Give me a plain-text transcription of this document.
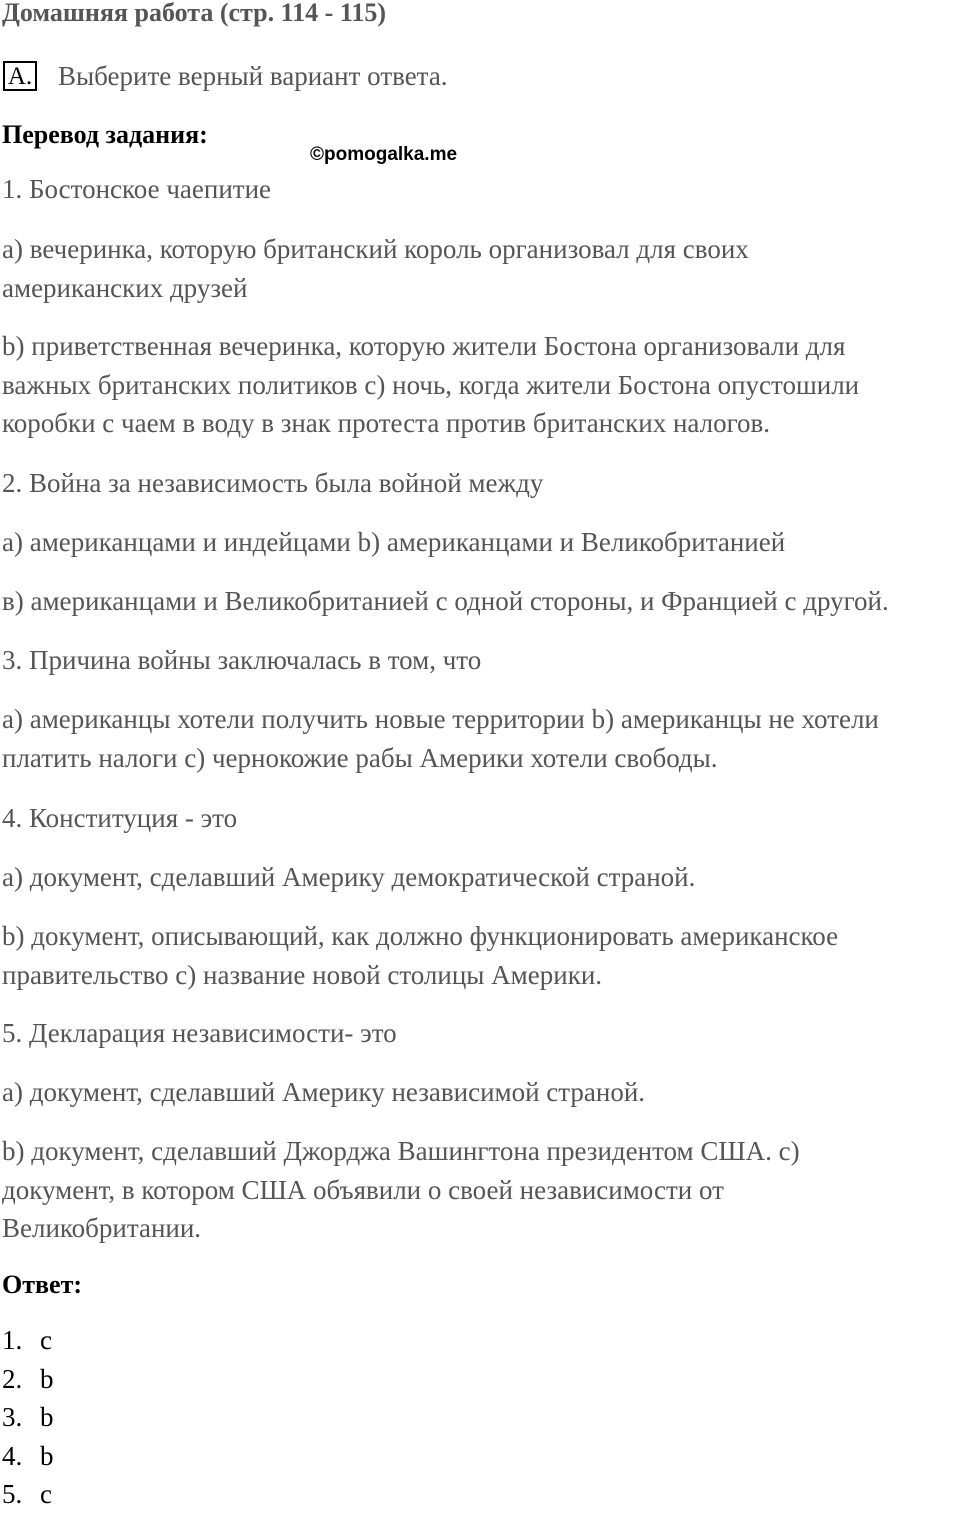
Домашняя работа (стр. 114 - 115)
A. Выберите верный вариант ответа.
Перевод задания:
©pomogalka.me
1. Бостонское чаепитие
a) вечеринка, которую британский король организовал для своих
американских друзей
b) приветственная вечеринка, которую жители Бостона организовали для
важных британских политиков c) ночь, когда жители Бостона опустошили
коробки с чаем в воду в знак протеста против британских налогов.
2. Война за независимость была войной между
a) американцами и индейцами b) американцами и Великобританией
в) американцами и Великобританией с одной стороны, и Францией с другой.
3. Причина войны заключалась в том, что
a) американцы хотели получить новые территории b) американцы не хотели
платить налоги c) чернокожие рабы Америки хотели свободы.
4. Конституция - это
a) документ, сделавший Америку демократической страной.
b) документ, описывающий, как должно функционировать американское
правительство c) название новой столицы Америки.
5. Декларация независимости- это
a) документ, сделавший Америку независимой страной.
b) документ, сделавший Джорджа Вашингтона президентом США. c)
документ, в котором США объявили о своей независимости от
Великобритании.
Ответ:
1. c
2. b
3. b
4. b
5. c
